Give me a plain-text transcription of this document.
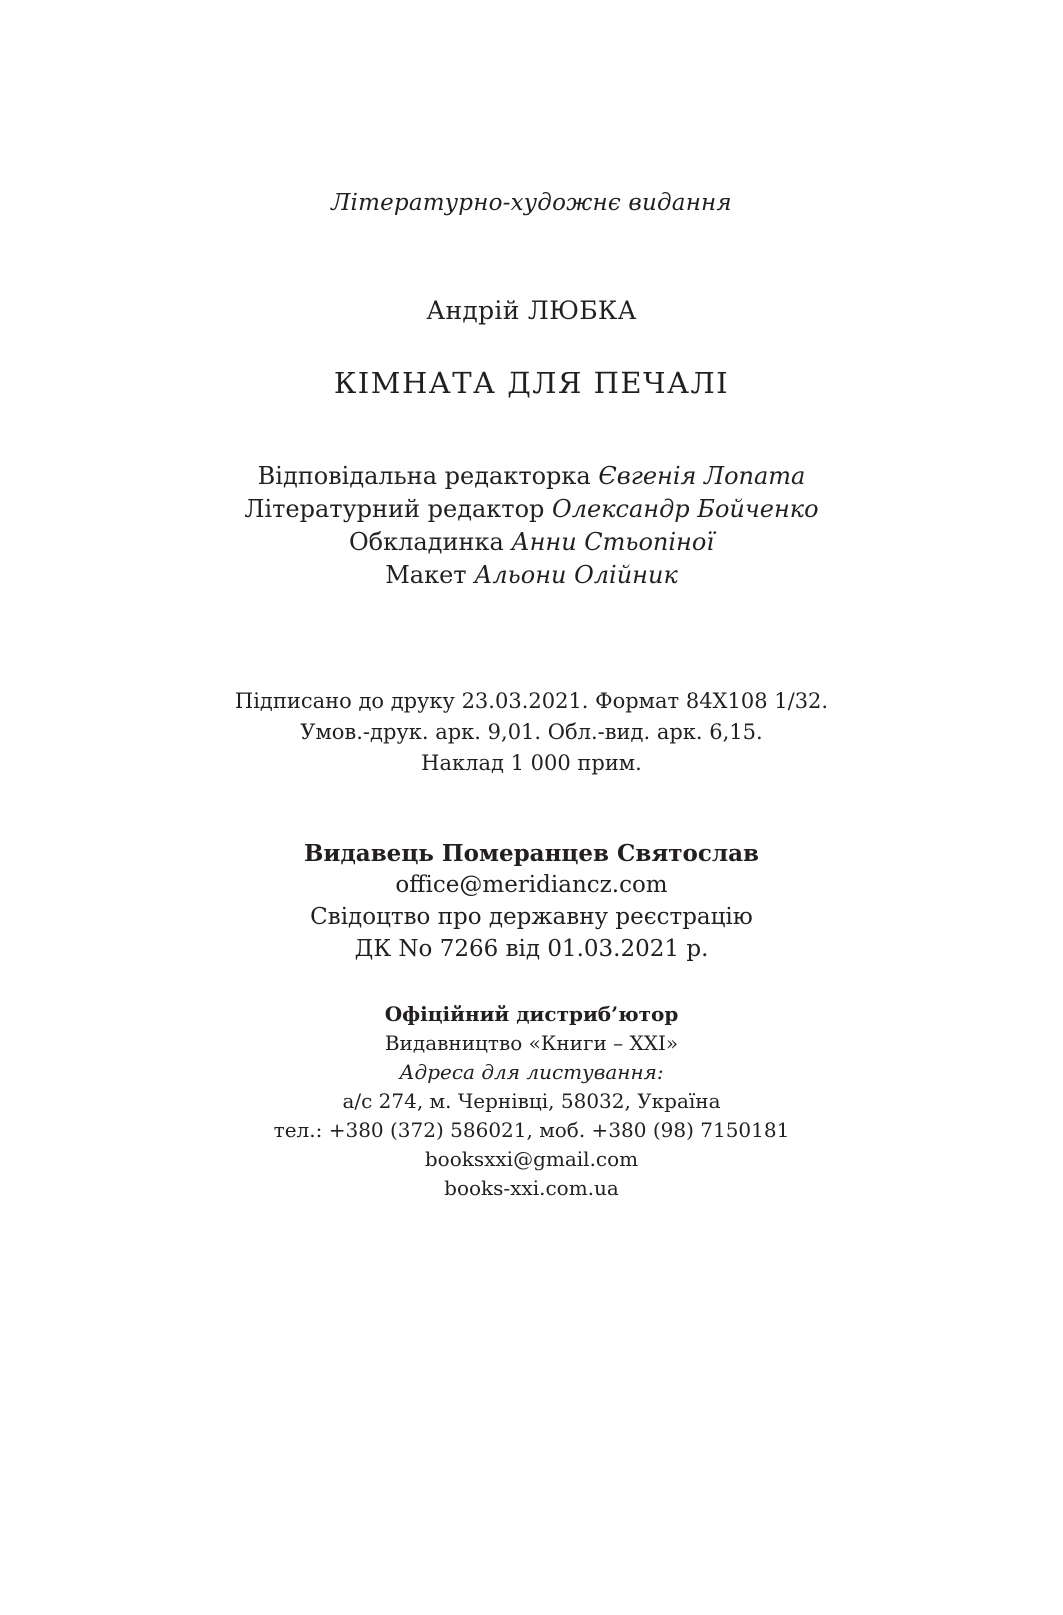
Літературно-художнє видання
Андрій ЛЮБКА
КІМНАТА ДЛЯ ПЕЧАЛІ
Відповідальна редакторка Євгенія Лопата
Літературний редактор Олександр Бойченко
Обкладинка Анни Стьопіної
Макет Альони Олійник
Підписано до друку 23.03.2021. Формат 84Х108 1/32.
Умов.-друк. арк. 9,01. Обл.-вид. арк. 6,15.
Наклад 1 000 прим.
Видавець Померанцев Святослав
office@meridiancz.com
Свідоцтво про державну реєстрацію
ДК No 7266 від 01.03.2021 р.
Офіційний дистриб’ютор
Видавництво «Книги – ХХІ»
Адреса для листування:
а/с 274, м. Чернівці, 58032, Україна
тел.: +380 (372) 586021, моб. +380 (98) 7150181
booksxxi@gmail.com
books-xxi.com.ua
